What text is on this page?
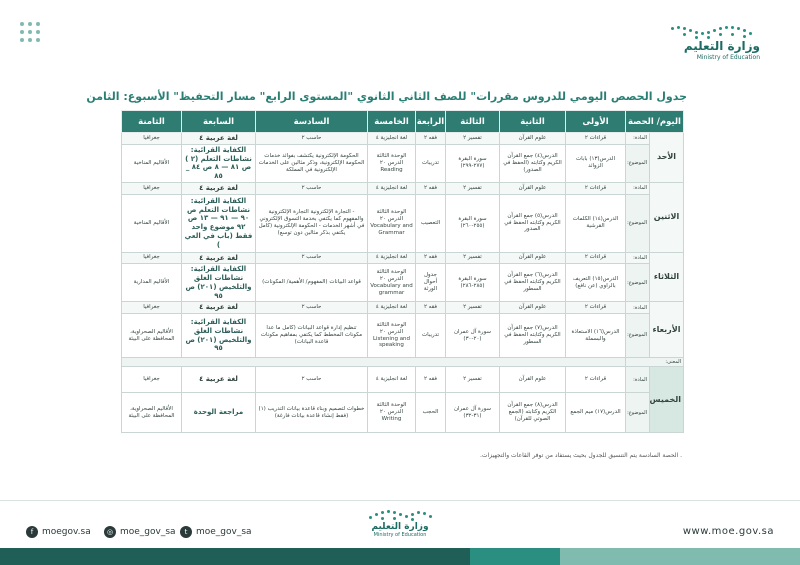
وزارة التعليم
Ministry of Education
جدول الحصص اليومي للدروس مقررات" للصف الثاني الثانوي "المستوى الرابع" مسار التحفيظ" الأسبوع: الثامن
اليوم/ الحصة		الأولى	الثانية	الثالثة	الرابعة	الخامسة	السادسة	السابعة	الثامنة
الأحد	المادة:	قراءات ٢	علوم القرآن	تفسير ٢	فقه ٢	لغة انجليزية ٤	حاسب ٢	لغة عربية ٤	جغرافيا
	الموضوع:	الدرس(١٣) بابات الزوائد	الدرس(٤) جمع القرآن الكريم وكتابته (الحفظ في الصدور)	سورة البقرة (٢٧٧-٢٩٩)	تدريبات	الوحدة الثالثة الدرس ٢٠ Reading	الحكومة الإلكترونية يكتشف بفوائد خدمات الحكومة الإلكترونية، وذكر مثالين على الخدمات الإلكترونية في المملكة	الكفاية القرائية: نشاطات التعلم (٢ ) ص ٨١ — ٨ ص ٨٤ _ ٨٥	الأقاليم المناخية
الاثنين	المادة:	قراءات ٢	علوم القرآن	تفسير ٢	فقه ٢	لغة انجليزية ٤	حاسب ٢	لغة عربية ٤	جغرافيا
	الموضوع:	الدرس(١٤) الكلمات القرشية	الدرس(٥) جمع القرآن الكريم وكتابته الحفظ في الصدور	سورة البقرة (٢٥٥-٢٦٠)	التعصيب	الوحدة الثالثة الدرس ٢٠ Vocabulary and Grammar	- التجارة الإلكترونية التجارة الإلكترونية والمفهوم كما يكتفي بخدمة التسوق الإلكتروني في أشهر الخدمات - الحكومة الإلكترونية (كامل يكتفي بذكر مثالين دون توسع)	الكفاية القرائية: نشاطات التعلم ص ٩٠ — ٩١ — ١٣ ص ٩٢ موضوع واحد فقط (باب في العي )	الأقاليم المناخية
الثلاثاء	المادة:	قراءات ٢	علوم القرآن	تفسير ٢	فقه ٢	لغة انجليزية ٤	حاسب ٢	لغة عربية ٤	جغرافيا
	الموضوع:	الدرس(١٥) التعريف بالراوي (عن نافع)	الدرس(٦) جمع القرآن الكريم وكتابته الحفظ في السطور	سورة البقرة (٢٨٥-٢٨٦)	جدول أحوال الورثة	الوحدة الثالثة الدرس ٢٠ Vocabulary and grammar	قواعد البيانات (المفهوم/ الأهمية/ المكونات)	الكفاية القرائية: نشاطات الغلق والتلخيص (٢٠١) ص ٩٥	الأقاليم المدارية
الأربعاء	المادة:	قراءات ٢	علوم القرآن	تفسير ٢	فقه ٢	لغة انجليزية ٤	حاسب ٢	لغة عربية ٤	جغرافيا
	الموضوع:	الدرس(١٦) الاستعاذة والبسملة	الدرس(٧) جمع القرآن الكريم وكتابته الحفظ في السطور	سورة آل عمران (٢٠-٣٠)	تدريبات	الوحدة الثالثة الدرس ٢٠ Listening and speaking	تنظيم إدارة قواعد البيانات (كامل ما عدا مكونات المخطط كما يكتفي بمفاهيم مكونات قاعدة البيانات)	الكفاية القرائية: نشاطات الغلق والتلخيص (٢٠١) ص ٩٥	الأقاليم الصحراوية، المحافظة على البيئة
المعنى:									
الخميس	المادة:	قراءات ٢	علوم القرآن	تفسير ٢	فقه ٢	لغة انجليزية ٤	حاسب ٢	لغة عربية ٤	جغرافيا
	الموضوع:	الدرس(١٧) ميم الجمع	الدرس(٨) جمع القرآن الكريم وكتابته (الجمع الصوتي للقرآن)	سورة آل عمران (٣١-٣٢)	الحجب	الوحدة الثالثة الدرس ٢٠ Writing	خطوات لتصميم وبناء قاعدة بيانات التدريب (١) (فقط إنشاء قاعدة بيانات فارغة)	مراجعة الوحدة	الأقاليم الصحراوية، المحافظة على البيئة
. الحصة السادسة يتم التنسيق للجدول بحيث يستفاد من توفر القاعات والتجهيزات.
وزارة التعليم
Ministry of Education
f moegov.sa	◎ moe_gov_sa	t moe_gov_sa	www.moe.gov.sa
